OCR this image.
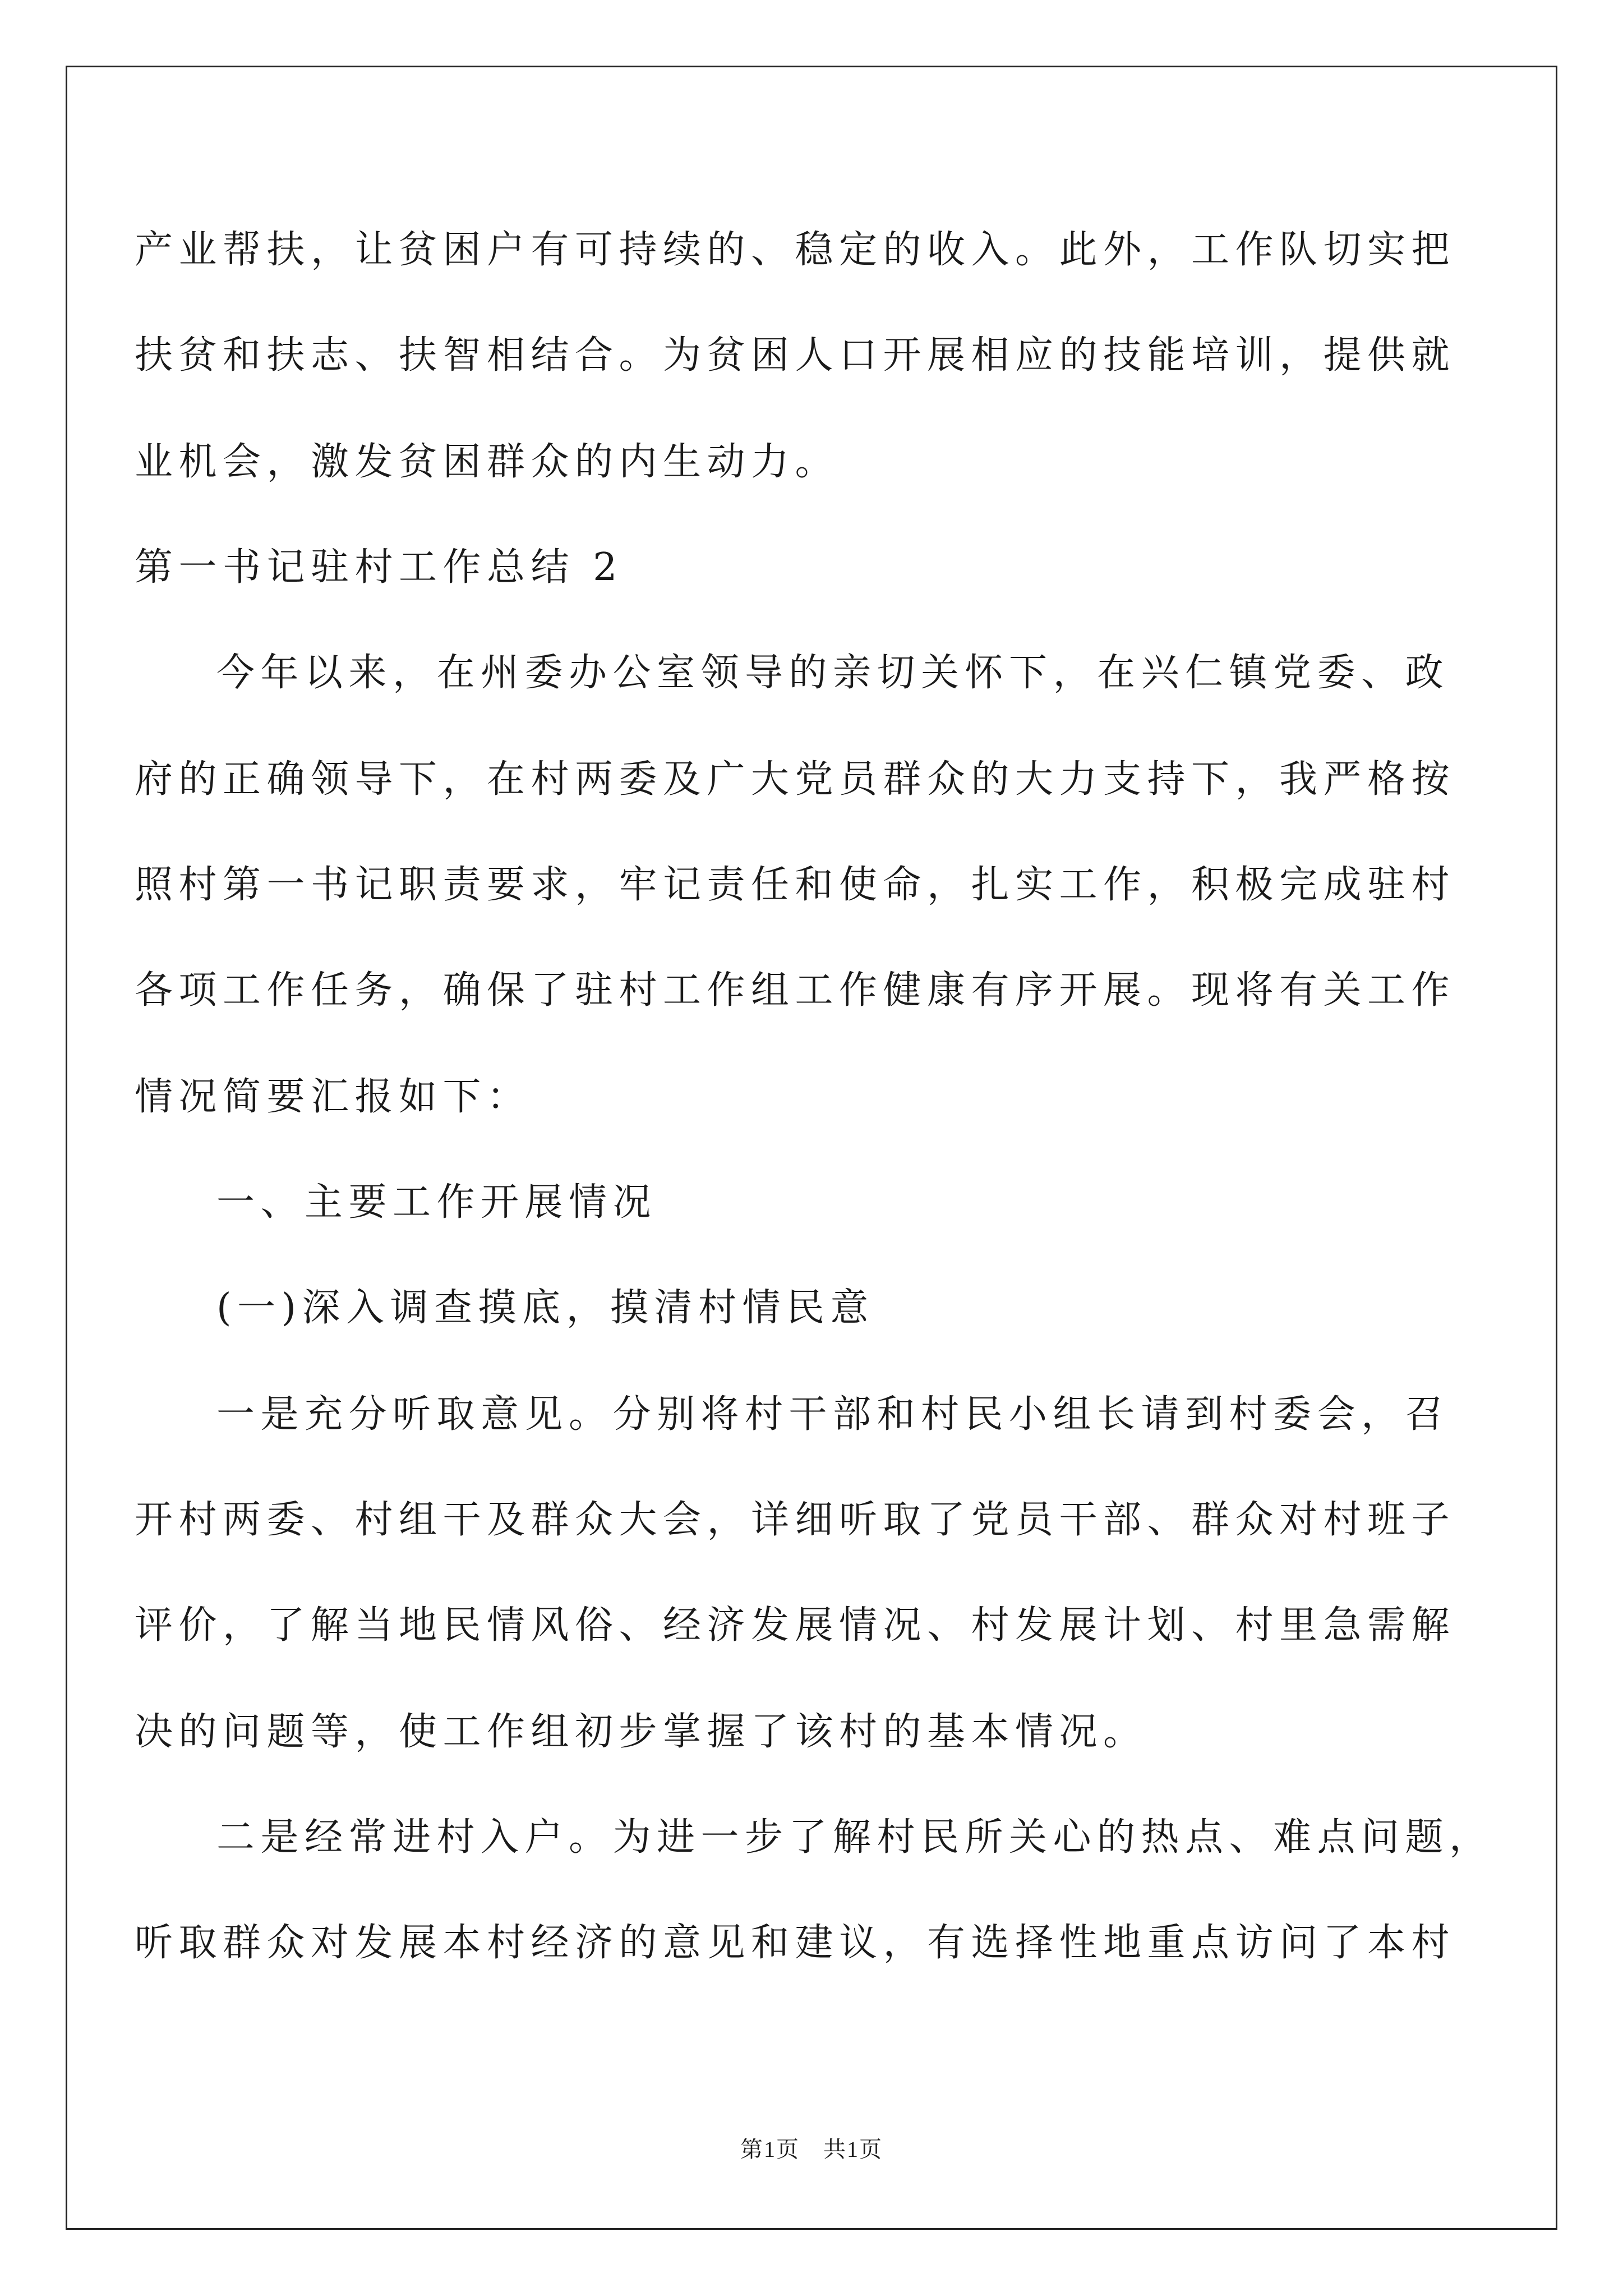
产业帮扶，让贫困户有可持续的、稳定的收入。此外，工作队切实把
扶贫和扶志、扶智相结合。为贫困人口开展相应的技能培训，提供就
业机会，激发贫困群众的内生动力。
第一书记驻村工作总结 2
今年以来，在州委办公室领导的亲切关怀下，在兴仁镇党委、政
府的正确领导下，在村两委及广大党员群众的大力支持下，我严格按
照村第一书记职责要求，牢记责任和使命，扎实工作，积极完成驻村
各项工作任务，确保了驻村工作组工作健康有序开展。现将有关工作
情况简要汇报如下：
一、主要工作开展情况
(一)深入调查摸底，摸清村情民意
一是充分听取意见。分别将村干部和村民小组长请到村委会，召
开村两委、村组干及群众大会，详细听取了党员干部、群众对村班子
评价，了解当地民情风俗、经济发展情况、村发展计划、村里急需解
决的问题等，使工作组初步掌握了该村的基本情况。
二是经常进村入户。为进一步了解村民所关心的热点、难点问题，
听取群众对发展本村经济的意见和建议，有选择性地重点访问了本村
第1页　共1页
